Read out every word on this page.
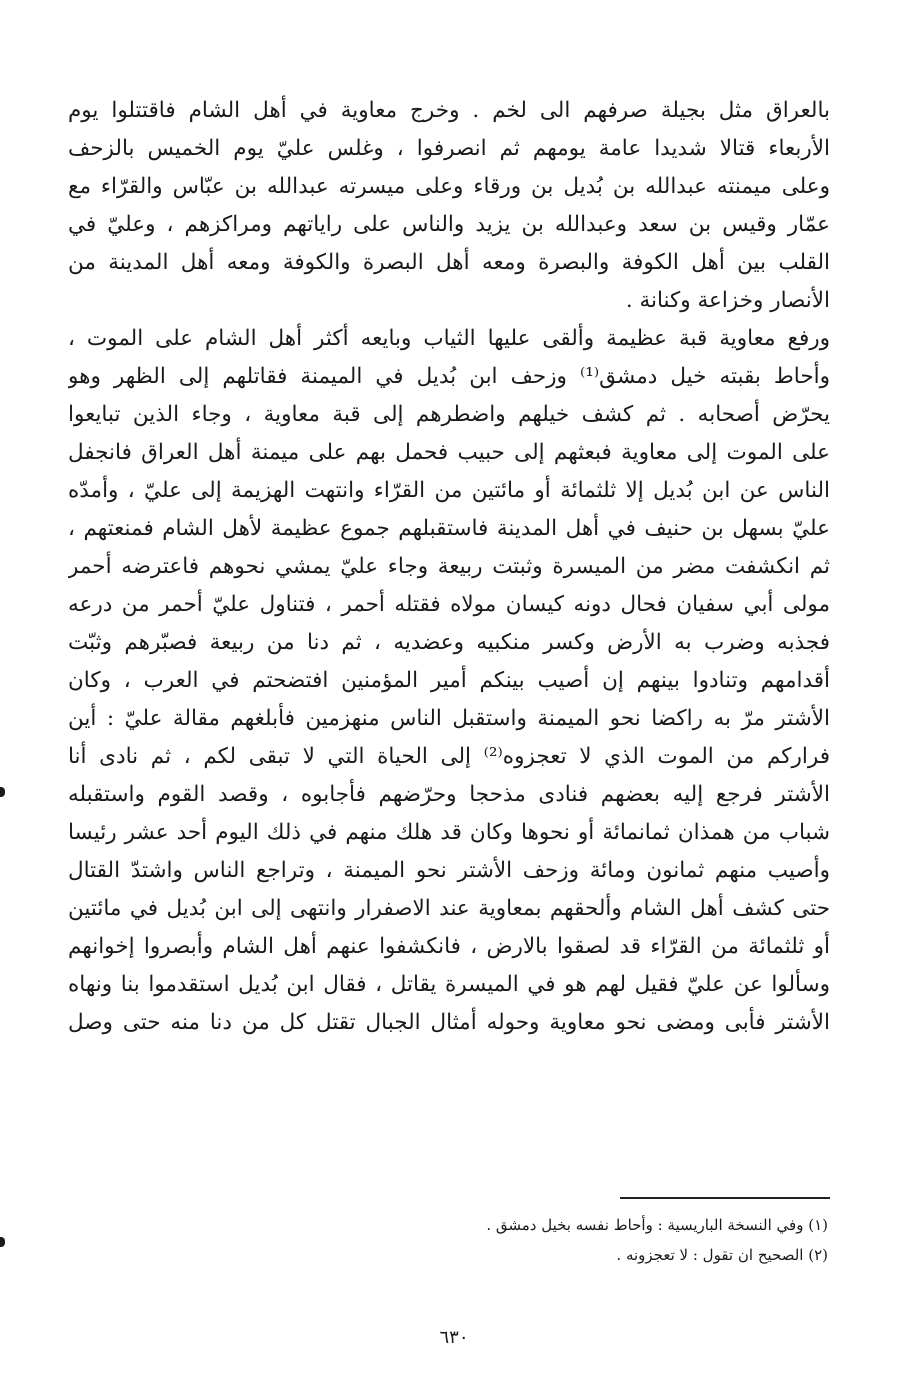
بالعراق مثل بجيلة صرفهم الى لخم . وخرج معاوية في أهل الشام فاقتتلوا يوم
الأربعاء قتالا شديدا عامة يومهم ثم انصرفوا ، وغلس عليّ يوم الخميس بالزحف
وعلى ميمنته عبدالله بن بُديل بن ورقاء وعلى ميسرته عبدالله بن عبّاس والقرّاء مع
عمّار وقيس بن سعد وعبدالله بن يزيد والناس على راياتهم ومراكزهم ، وعليّ في
القلب بين أهل الكوفة والبصرة ومعه أهل البصرة والكوفة ومعه أهل المدينة من
الأنصار وخزاعة وكنانة .
ورفع معاوية قبة عظيمة وألقى عليها الثياب وبايعه أكثر أهل الشام على الموت ،
وأحاط بقبته خيل دمشق⁽¹⁾ وزحف ابن بُديل في الميمنة فقاتلهم إلى الظهر وهو
يحرّض أصحابه . ثم كشف خيلهم واضطرهم إلى قبة معاوية ، وجاء الذين تبايعوا
على الموت إلى معاوية فبعثهم إلى حبيب فحمل بهم على ميمنة أهل العراق فانجفل
الناس عن ابن بُديل إلا ثلثمائة أو مائتين من القرّاء وانتهت الهزيمة إلى عليّ ، وأمدّه
عليّ بسهل بن حنيف في أهل المدينة فاستقبلهم جموع عظيمة لأهل الشام فمنعتهم ،
ثم انكشفت مضر من الميسرة وثبتت ربيعة وجاء عليّ يمشي نحوهم فاعترضه أحمر
مولى أبي سفيان فحال دونه كيسان مولاه فقتله أحمر ، فتناول عليّ أحمر من درعه
فجذبه وضرب به الأرض وكسر منكبيه وعضديه ، ثم دنا من ربيعة فصبّرهم وثبّت
أقدامهم وتنادوا بينهم إن أصيب بينكم أمير المؤمنين افتضحتم في العرب ، وكان
الأشتر مرّ به راكضا نحو الميمنة واستقبل الناس منهزمين فأبلغهم مقالة عليّ : أين
فراركم من الموت الذي لا تعجزوه⁽²⁾ إلى الحياة التي لا تبقى لكم ، ثم نادى أنا
الأشتر فرجع إليه بعضهم فنادى مذحجا وحرّضهم فأجابوه ، وقصد القوم واستقبله
شباب من همذان ثمانمائة أو نحوها وكان قد هلك منهم في ذلك اليوم أحد عشر رئيسا
وأصيب منهم ثمانون ومائة وزحف الأشتر نحو الميمنة ، وتراجع الناس واشتدّ القتال
حتى كشف أهل الشام وألحقهم بمعاوية عند الاصفرار وانتهى إلى ابن بُديل في مائتين
أو ثلثمائة من القرّاء قد لصقوا بالارض ، فانكشفوا عنهم أهل الشام وأبصروا إخوانهم
وسألوا عن عليّ فقيل لهم هو في الميسرة يقاتل ، فقال ابن بُديل استقدموا بنا ونهاه
الأشتر فأبى ومضى نحو معاوية وحوله أمثال الجبال تقتل كل من دنا منه حتى وصل
(١) وفي النسخة الباريسية : وأحاط نفسه بخيل دمشق .
(٢) الصحيح ان تقول : لا تعجزونه .
٦٣٠
